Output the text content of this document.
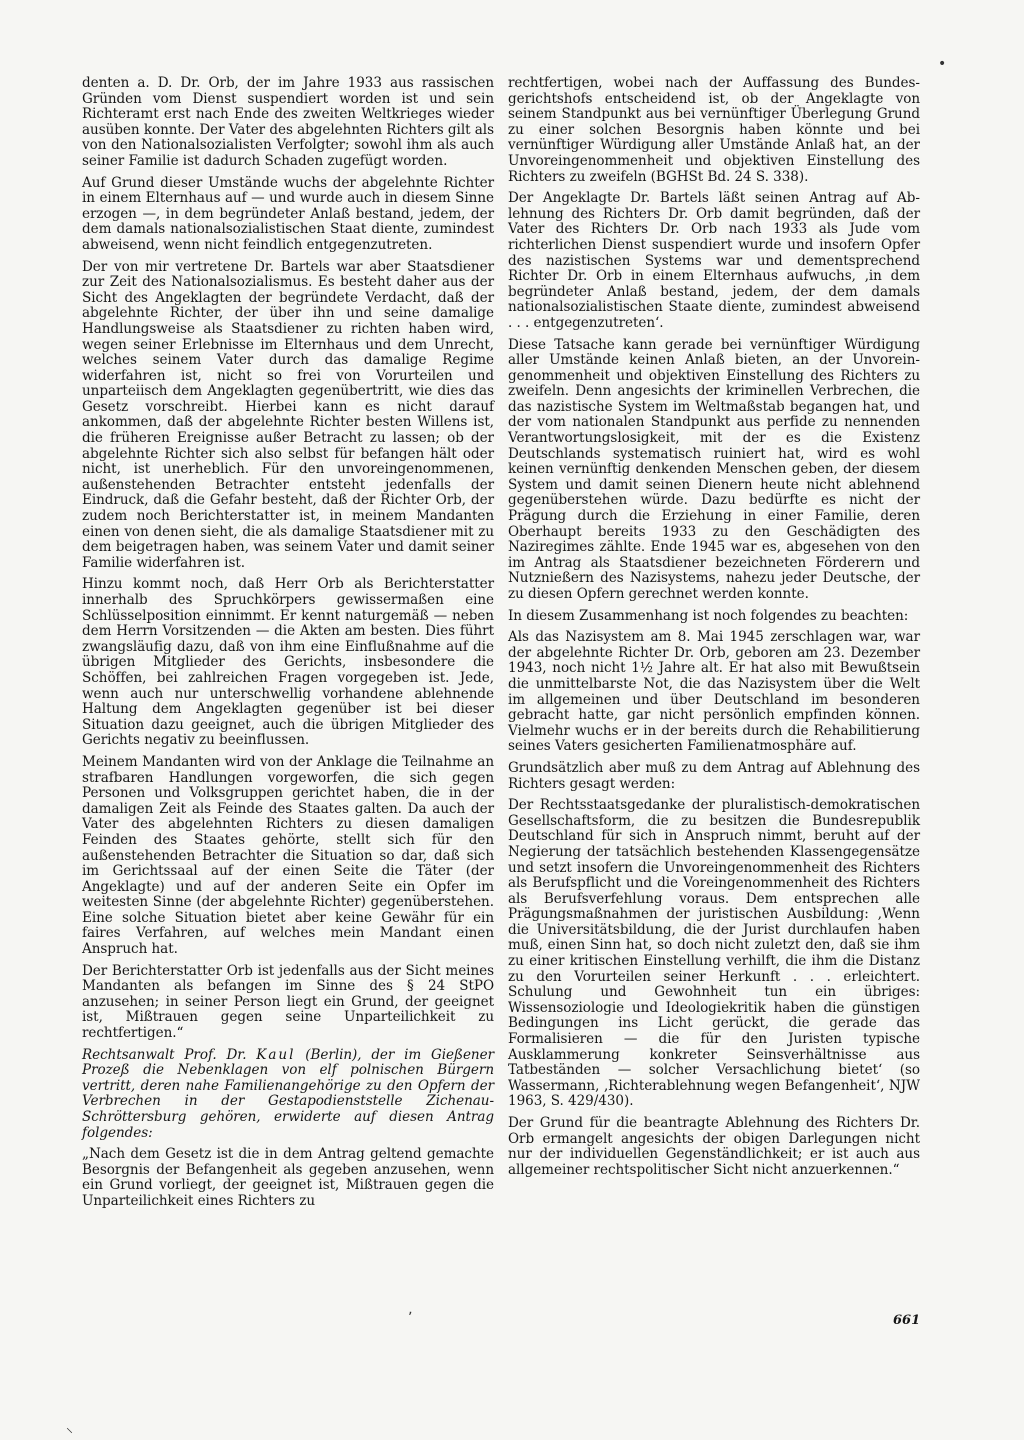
•

denten a. D. Dr. Orb, der im Jahre 1933 aus rassischen Gründen vom Dienst suspendiert worden ist und sein Richteramt erst nach Ende des zweiten Weltkrieges wieder ausüben konnte. Der Vater des abgelehnten Richters gilt als von den Nationalsozialisten Verfolgter; sowohl ihm als auch seiner Familie ist dadurch Schaden zugefügt worden.

Auf Grund dieser Umstände wuchs der abgelehnte Richter in einem Elternhaus auf — und wurde auch in diesem Sinne erzogen —, in dem begründeter Anlaß bestand, jedem, der dem damals nationalsozialistischen Staat diente, zumindest abweisend, wenn nicht feindlich entgegenzutreten.

Der von mir vertretene Dr. Bartels war aber Staatsdiener zur Zeit des Nationalsozialismus. Es besteht daher aus der Sicht des Angeklagten der begründete Verdacht, daß der abgelehnte Richter, der über ihn und seine damalige Handlungsweise als Staatsdiener zu richten haben wird, wegen seiner Erlebnisse im Elternhaus und dem Unrecht, welches seinem Vater durch das damalige Regime widerfahren ist, nicht so frei von Vorurteilen und unparteiisch dem Angeklagten gegenübertritt, wie dies das Gesetz vorschreibt. Hierbei kann es nicht darauf ankommen, daß der abgelehnte Richter besten Willens ist, die früheren Ereignisse außer Betracht zu lassen; ob der abgelehnte Richter sich also selbst für befangen hält oder nicht, ist unerheblich. Für den unvoreingenommenen, außenstehenden Betrachter entsteht jedenfalls der Eindruck, daß die Gefahr besteht, daß der Richter Orb, der zudem noch Berichterstatter ist, in meinem Mandanten einen von denen sieht, die als damalige Staatsdiener mit zu dem beigetragen haben, was seinem Vater und damit seiner Familie widerfahren ist.

Hinzu kommt noch, daß Herr Orb als Berichterstatter innerhalb des Spruchkörpers gewissermaßen eine Schlüsselposition einnimmt. Er kennt naturgemäß — neben dem Herrn Vorsitzenden — die Akten am besten. Dies führt zwangsläufig dazu, daß von ihm eine Einflußnahme auf die übrigen Mitglieder des Gerichts, insbesondere die Schöffen, bei zahlreichen Fragen vorgegeben ist. Jede, wenn auch nur unterschwellig vorhandene ablehnende Haltung dem Angeklagten gegenüber ist bei dieser Situation dazu geeignet, auch die übrigen Mitglieder des Gerichts negativ zu beeinflussen.

Meinem Mandanten wird von der Anklage die Teilnahme an strafbaren Handlungen vorgeworfen, die sich gegen Personen und Volksgruppen gerichtet haben, die in der damaligen Zeit als Feinde des Staates galten. Da auch der Vater des abgelehnten Richters zu diesen damaligen Feinden des Staates gehörte, stellt sich für den außenstehenden Betrachter die Situation so dar, daß sich im Gerichtssaal auf der einen Seite die Täter (der Angeklagte) und auf der anderen Seite ein Opfer im weitesten Sinne (der abgelehnte Richter) gegenüberstehen. Eine solche Situation bietet aber keine Gewähr für ein faires Verfahren, auf welches mein Mandant einen Anspruch hat.

Der Berichterstatter Orb ist jedenfalls aus der Sicht meines Mandanten als befangen im Sinne des § 24 StPO anzusehen; in seiner Person liegt ein Grund, der geeignet ist, Mißtrauen gegen seine Unparteilichkeit zu rechtfertigen.“

Rechtsanwalt Prof. Dr. Kaul (Berlin), der im Gießener Prozeß die Nebenklagen von elf polnischen Bürgern vertritt, deren nahe Familienangehörige zu den Opfern der Verbrechen in der Gestapodienststelle Zichenau-Schröttersburg gehören, erwiderte auf diesen Antrag folgendes:

„Nach dem Gesetz ist die in dem Antrag geltend gemachte Besorgnis der Befangenheit als gegeben anzusehen, wenn ein Grund vorliegt, der geeignet ist, Mißtrauen gegen die Unparteilichkeit eines Richters zu

rechtfertigen, wobei nach der Auffassung des Bundesgerichtshofs entscheidend ist, ob der Angeklagte von seinem Standpunkt aus bei vernünftiger Überlegung Grund zu einer solchen Besorgnis haben könnte und bei vernünftiger Würdigung aller Umstände Anlaß hat, an der Unvoreingenommenheit und objektiven Einstellung des Richters zu zweifeln (BGHSt Bd. 24 S. 338).

Der Angeklagte Dr. Bartels läßt seinen Antrag auf Ablehnung des Richters Dr. Orb damit begründen, daß der Vater des Richters Dr. Orb nach 1933 als Jude vom richterlichen Dienst suspendiert wurde und insofern Opfer des nazistischen Systems war und dementsprechend Richter Dr. Orb in einem Elternhaus aufwuchs, ‚in dem begründeter Anlaß bestand, jedem, der dem damals nationalsozialistischen Staate diente, zumindest abweisend . . . entgegenzutreten‘.

Diese Tatsache kann gerade bei vernünftiger Würdigung aller Umstände keinen Anlaß bieten, an der Unvoreingenommenheit und objektiven Einstellung des Richters zu zweifeln. Denn angesichts der kriminellen Verbrechen, die das nazistische System im Weltmaßstab begangen hat, und der vom nationalen Standpunkt aus perfide zu nennenden Verantwortungslosigkeit, mit der es die Existenz Deutschlands systematisch ruiniert hat, wird es wohl keinen vernünftig denkenden Menschen geben, der diesem System und damit seinen Dienern heute nicht ablehnend gegenüberstehen würde. Dazu bedürfte es nicht der Prägung durch die Erziehung in einer Familie, deren Oberhaupt bereits 1933 zu den Geschädigten des Naziregimes zählte. Ende 1945 war es, abgesehen von den im Antrag als Staatsdiener bezeichneten Förderern und Nutznießern des Nazisystems, nahezu jeder Deutsche, der zu diesen Opfern gerechnet werden konnte.

In diesem Zusammenhang ist noch folgendes zu beachten:

Als das Nazisystem am 8. Mai 1945 zerschlagen war, war der abgelehnte Richter Dr. Orb, geboren am 23. Dezember 1943, noch nicht 1½ Jahre alt. Er hat also mit Bewußtsein die unmittelbarste Not, die das Nazisystem über die Welt im allgemeinen und über Deutschland im besonderen gebracht hatte, gar nicht persönlich empfinden können. Vielmehr wuchs er in der bereits durch die Rehabilitierung seines Vaters gesicherten Familienatmosphäre auf.

Grundsätzlich aber muß zu dem Antrag auf Ablehnung des Richters gesagt werden:

Der Rechtsstaatsgedanke der pluralistisch-demokratischen Gesellschaftsform, die zu besitzen die Bundesrepublik Deutschland für sich in Anspruch nimmt, beruht auf der Negierung der tatsächlich bestehenden Klassengegensätze und setzt insofern die Unvoreingenommenheit des Richters als Berufspflicht und die Voreingenommenheit des Richters als Berufsverfehlung voraus. Dem entsprechen alle Prägungsmaßnahmen der juristischen Ausbildung: ‚Wenn die Universitätsbildung, die der Jurist durchlaufen haben muß, einen Sinn hat, so doch nicht zuletzt den, daß sie ihm zu einer kritischen Einstellung verhilft, die ihm die Distanz zu den Vorurteilen seiner Herkunft . . . erleichtert. Schulung und Gewohnheit tun ein übriges: Wissensoziologie und Ideologiekritik haben die günstigen Bedingungen ins Licht gerückt, die gerade das Formalisieren — die für den Juristen typische Ausklammerung konkreter Seinsverhältnisse aus Tatbeständen — solcher Versachlichung bietet‘ (so Wassermann, ‚Richterablehnung wegen Befangenheit‘, NJW 1963, S. 429/430).

Der Grund für die beantragte Ablehnung des Richters Dr. Orb ermangelt angesichts der obigen Darlegungen nicht nur der individuellen Gegenständlichkeit; er ist auch aus allgemeiner rechtspolitischer Sicht nicht anzuerkennen.“

ʼ	661
⸜
